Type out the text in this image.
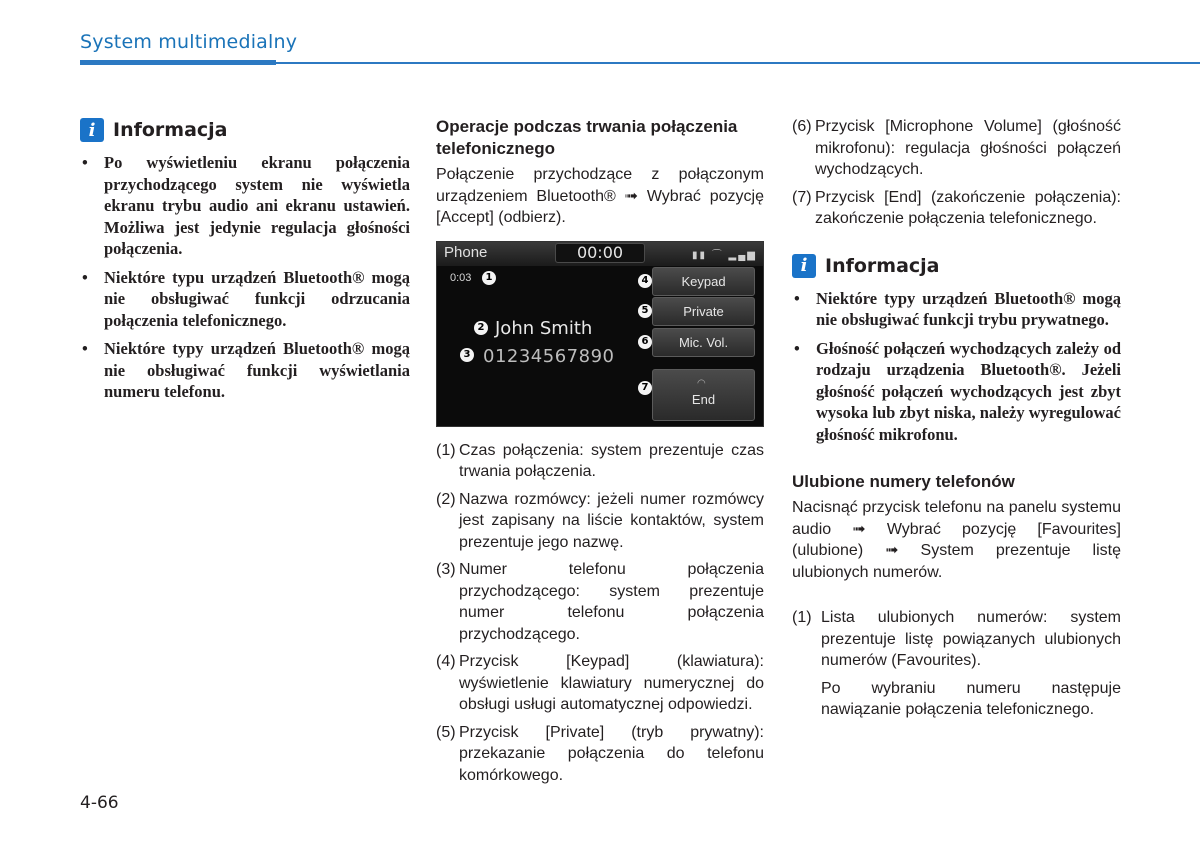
System multimedialny
i Informacja
• Po wyświetleniu ekranu połączenia przychodzącego system nie wyświetla ekranu trybu audio ani ekranu ustawień. Możliwa jest jedynie regulacja głośności połączenia.
• Niektóre typu urządzeń Bluetooth® mogą nie obsługiwać funkcji odrzucania połączenia telefonicznego.
• Niektóre typy urządzeń Bluetooth® mogą nie obsługiwać funkcji wyświetlania numeru telefonu.
Operacje podczas trwania połączenia telefonicznego
Połączenie przychodzące z połączonym urządzeniem Bluetooth® ➟ Wybrać pozycję [Accept] (odbierz).
Phone	00:00	▮▮ ⌒ ▂▄▆
0:03	1
2 John Smith
3 01234567890
4	Keypad
5	Private
6	Mic. Vol.
7	◠
End
(1) Czas połączenia: system prezentuje czas trwania połączenia.
(2) Nazwa rozmówcy: jeżeli numer rozmówcy jest zapisany na liście kontaktów, system prezentuje jego nazwę.
(3) Numer telefonu połączenia przychodzącego: system prezentuje numer telefonu połączenia przychodzącego.
(4) Przycisk [Keypad] (klawiatura): wyświetlenie klawiatury numerycznej do obsługi usługi automatycznej odpowiedzi.
(5) Przycisk [Private] (tryb prywatny): przekazanie połączenia do telefonu komórkowego.
(6) Przycisk [Microphone Volume] (głośność mikrofonu): regulacja głośności połączeń wychodzących.
(7) Przycisk [End] (zakończenie połączenia): zakończenie połączenia telefonicznego.
i Informacja
• Niektóre typy urządzeń Bluetooth® mogą nie obsługiwać funkcji trybu prywatnego.
• Głośność połączeń wychodzących zależy od rodzaju urządzenia Bluetooth®. Jeżeli głośność połączeń wychodzących jest zbyt wysoka lub zbyt niska, należy wyregulować głośność mikrofonu.
Ulubione numery telefonów
Nacisnąć przycisk telefonu na panelu systemu audio ➟ Wybrać pozycję [Favourites] (ulubione) ➟ System prezentuje listę ulubionych numerów.
(1) Lista ulubionych numerów: system prezentuje listę powiązanych ulubionych numerów (Favourites).
Po wybraniu numeru następuje nawiązanie połączenia telefonicznego.
4-66
